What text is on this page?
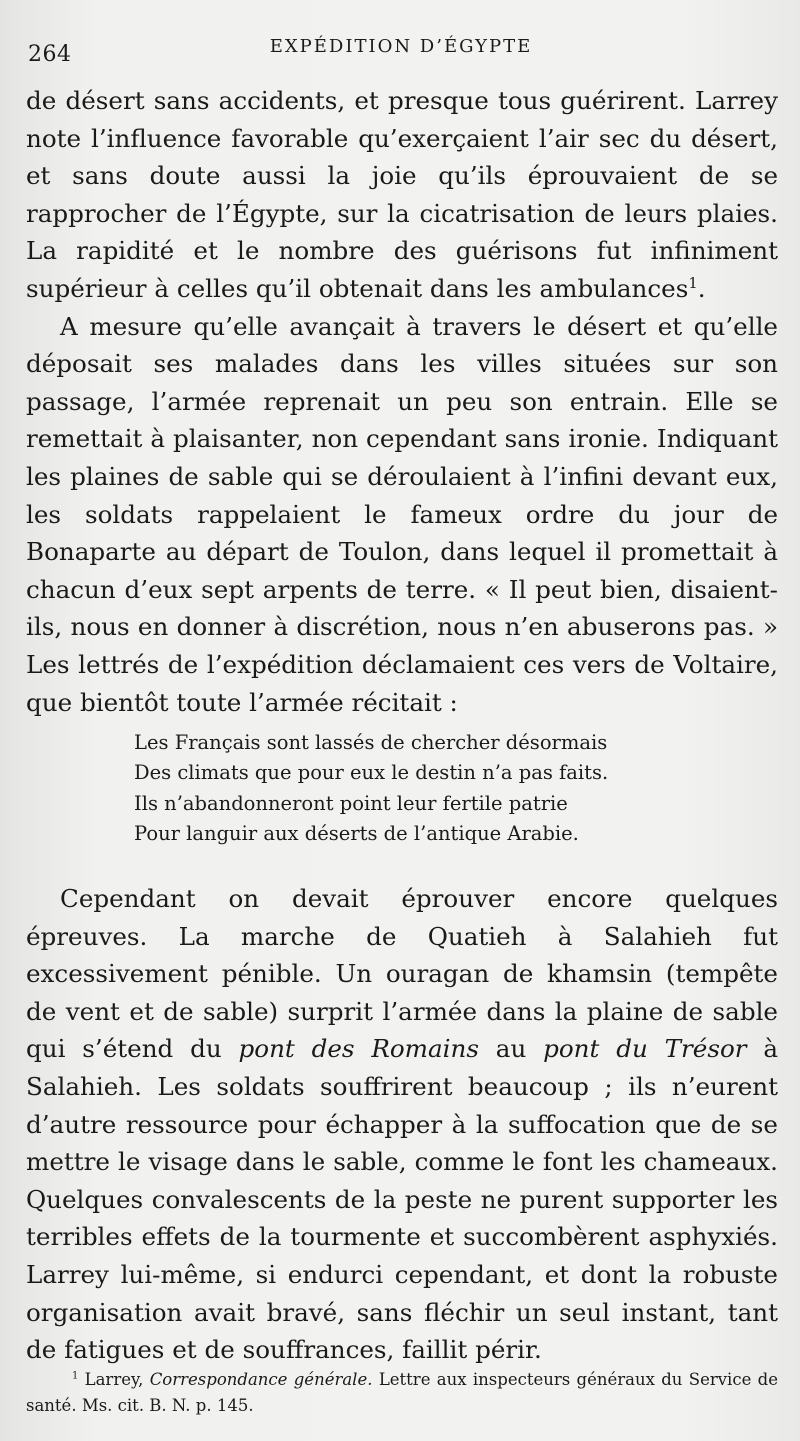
264	EXPÉDITION D’ÉGYPTE

de désert sans accidents, et presque tous guérirent. Larrey note l’influence favorable qu’exerçaient l’air sec du désert, et sans doute aussi la joie qu’ils éprouvaient de se rapprocher de l’Égypte, sur la cicatrisation de leurs plaies. La rapidité et le nombre des guérisons fut infiniment supérieur à celles qu’il obtenait dans les ambulances$^1$.

A mesure qu’elle avançait à travers le désert et qu’elle déposait ses malades dans les villes situées sur son passage, l’armée reprenait un peu son entrain. Elle se remettait à plaisanter, non cependant sans ironie. Indiquant les plaines de sable qui se déroulaient à l’infini devant eux, les soldats rappelaient le fameux ordre du jour de Bonaparte au départ de Toulon, dans lequel il promettait à chacun d’eux sept arpents de terre. « Il peut bien, disaient-ils, nous en donner à discrétion, nous n’en abuserons pas. » Les lettrés de l’expédition déclamaient ces vers de Voltaire, que bientôt toute l’armée récitait :

Les Français sont lassés de chercher désormais
Des climats que pour eux le destin n’a pas faits.
Ils n’abandonneront point leur fertile patrie
Pour languir aux déserts de l’antique Arabie.

Cependant on devait éprouver encore quelques épreuves. La marche de Quatieh à Salahieh fut excessivement pénible. Un ouragan de khamsin (tempête de vent et de sable) surprit l’armée dans la plaine de sable qui s’étend du pont des Romains au pont du Trésor à Salahieh. Les soldats souffrirent beaucoup ; ils n’eurent d’autre ressource pour échapper à la suffocation que de se mettre le visage dans le sable, comme le font les chameaux. Quelques convalescents de la peste ne purent supporter les terribles effets de la tourmente et succombèrent asphyxiés. Larrey lui-même, si endurci cependant, et dont la robuste organisation avait bravé, sans fléchir un seul instant, tant de fatigues et de souffrances, faillit périr.

$^1$ Larrey, Correspondance générale. Lettre aux inspecteurs généraux du Service de santé. Ms. cit. B. N. p. 145.
